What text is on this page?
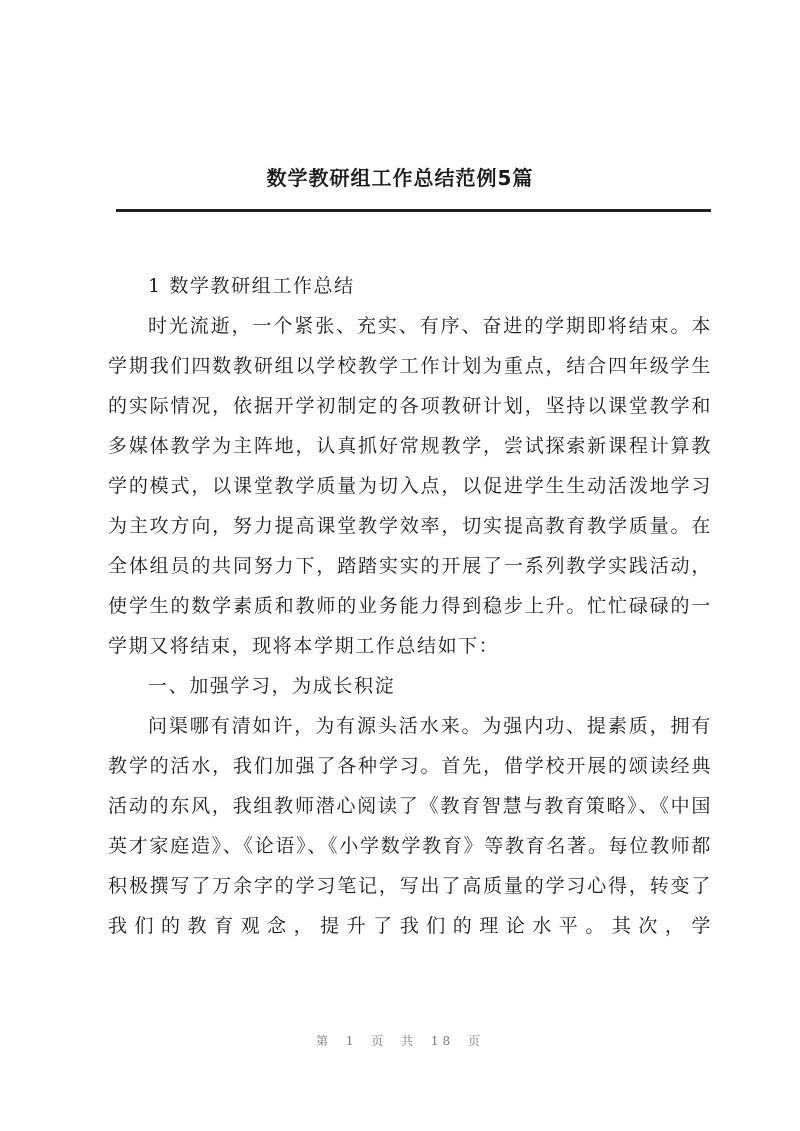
数学教研组工作总结范例5篇

1 数学教研组工作总结

时光流逝，一个紧张、充实、有序、奋进的学期即将结束。本学期我们四数教研组以学校教学工作计划为重点，结合四年级学生的实际情况，依据开学初制定的各项教研计划，坚持以课堂教学和多媒体教学为主阵地，认真抓好常规教学，尝试探索新课程计算教学的模式，以课堂教学质量为切入点，以促进学生生动活泼地学习为主攻方向，努力提高课堂教学效率，切实提高教育教学质量。在全体组员的共同努力下，踏踏实实的开展了一系列教学实践活动，使学生的数学素质和教师的业务能力得到稳步上升。忙忙碌碌的一学期又将结束，现将本学期工作总结如下：

一、加强学习，为成长积淀

问渠哪有清如许，为有源头活水来。为强内功、提素质，拥有教学的活水，我们加强了各种学习。首先，借学校开展的颂读经典活动的东风，我组教师潜心阅读了《教育智慧与教育策略》、《中国英才家庭造》、《论语》、《小学数学教育》等教育名著。每位教师都积极撰写了万余字的学习笔记，写出了高质量的学习心得，转变了我们的教育观念，提升了我们的理论水平。其次，学

第 1 页 共 18 页
